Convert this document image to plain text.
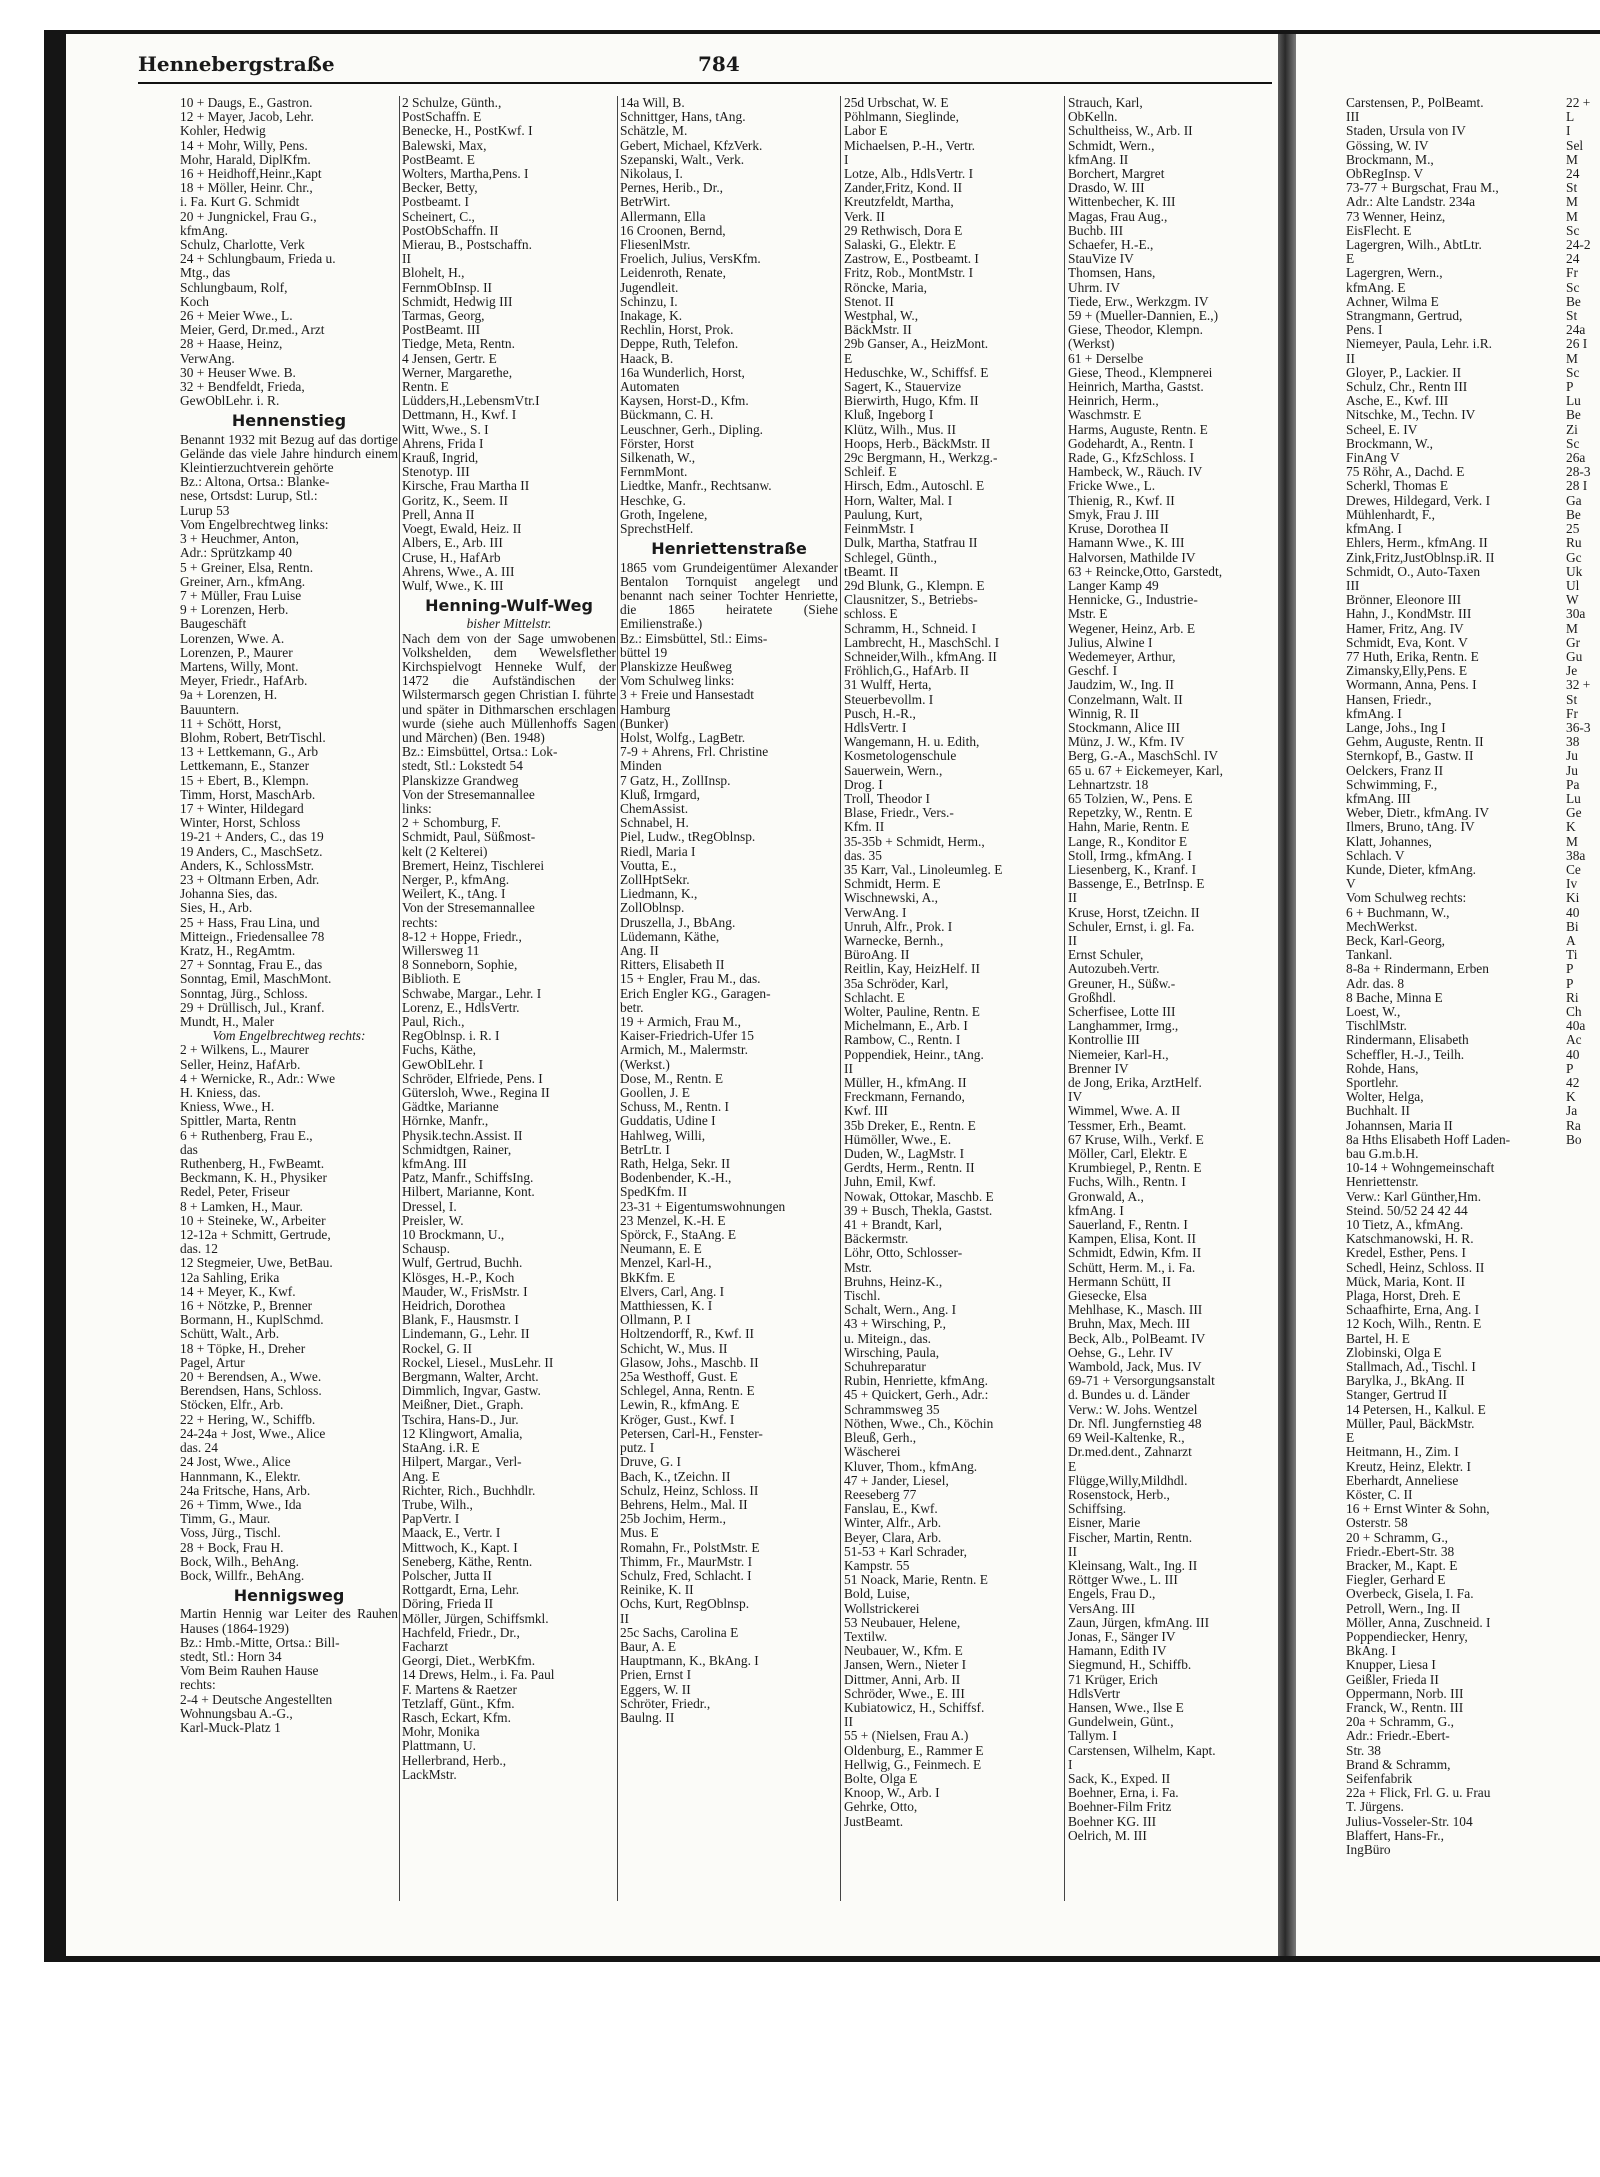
Hennebergstraße	784
10 + Daugs, E., Gastron.
12 + Mayer, Jacob, Lehr.
Kohler, Hedwig
14 + Mohr, Willy, Pens.
Mohr, Harald, DiplKfm.
16 + Heidhoff,Heinr.,Kapt
18 + Möller, Heinr. Chr.,
i. Fa. Kurt G. Schmidt
20 + Jungnickel, Frau G.,
kfmAng.
Schulz, Charlotte, Verk
24 + Schlungbaum, Frieda u.
Mtg., das
Schlungbaum, Rolf,
Koch
26 + Meier Wwe., L.
Meier, Gerd, Dr.med., Arzt
28 + Haase, Heinz,
VerwAng.
30 + Heuser Wwe. B.
32 + Bendfeldt, Frieda,
GewOblLehr. i. R.
Hennenstieg
Benannt 1932 mit Bezug auf das dortige Gelände das viele Jahre hindurch einem Kleintierzuchtverein gehörte
Bz.: Altona, Ortsa.: Blanke-
nese, Ortsdst: Lurup, Stl.:
Lurup 53
Vom Engelbrechtweg links:
3 + Heuchmer, Anton,
Adr.: Sprützkamp 40
5 + Greiner, Elsa, Rentn.
Greiner, Arn., kfmAng.
7 + Müller, Frau Luise
9 + Lorenzen, Herb.
Baugeschäft
Lorenzen, Wwe. A.
Lorenzen, P., Maurer
Martens, Willy, Mont.
Meyer, Friedr., HafArb.
9a + Lorenzen, H.
Bauuntern.
11 + Schött, Horst,
Blohm, Robert, BetrTischl.
13 + Lettkemann, G., Arb
Lettkemann, E., Stanzer
15 + Ebert, B., Klempn.
Timm, Horst, MaschArb.
17 + Winter, Hildegard
Winter, Horst, Schloss
19-21 + Anders, C., das 19
19 Anders, C., MaschSetz.
Anders, K., SchlossMstr.
23 + Oltmann Erben, Adr.
Johanna Sies, das.
Sies, H., Arb.
25 + Hass, Frau Lina, und
Mitteign., Friedensallee 78
Kratz, H., RegAmtm.
27 + Sonntag, Frau E., das
Sonntag, Emil, MaschMont.
Sonntag, Jürg., Schloss.
29 + Drüllisch, Jul., Kranf.
Mundt, H., Maler
Vom Engelbrechtweg rechts:
2 + Wilkens, L., Maurer
Seller, Heinz, HafArb.
4 + Wernicke, R., Adr.: Wwe
H. Kniess, das.
Kniess, Wwe., H.
Spittler, Marta, Rentn
6 + Ruthenberg, Frau E.,
das
Ruthenberg, H., FwBeamt.
Beckmann, K. H., Physiker
Redel, Peter, Friseur
8 + Lamken, H., Maur.
10 + Steineke, W., Arbeiter
12-12a + Schmitt, Gertrude,
das. 12
12 Stegmeier, Uwe, BetBau.
12a Sahling, Erika
14 + Meyer, K., Kwf.
16 + Nötzke, P., Brenner
Bormann, H., KuplSchmd.
Schütt, Walt., Arb.
18 + Töpke, H., Dreher
Pagel, Artur
20 + Berendsen, A., Wwe.
Berendsen, Hans, Schloss.
Stöcken, Elfr., Arb.
22 + Hering, W., Schiffb.
24-24a + Jost, Wwe., Alice
das. 24
24 Jost, Wwe., Alice
Hannmann, K., Elektr.
24a Fritsche, Hans, Arb.
26 + Timm, Wwe., Ida
Timm, G., Maur.
Voss, Jürg., Tischl.
28 + Bock, Frau H.
Bock, Wilh., BehAng.
Bock, Willfr., BehAng.
Hennigsweg
Martin Hennig war Leiter des Rauhen Hauses (1864-1929)
Bz.: Hmb.-Mitte, Ortsa.: Bill-
stedt, Stl.: Horn 34
Vom Beim Rauhen Hause
rechts:
2-4 + Deutsche Angestellten
Wohnungsbau A.-G.,
Karl-Muck-Platz 1
2 Schulze, Günth.,
PostSchaffn. E
Benecke, H., PostKwf. I
Balewski, Max,
PostBeamt. E
Wolters, Martha,Pens. I
Becker, Betty,
Postbeamt. I
Scheinert, C.,
PostObSchaffn. II
Mierau, B., Postschaffn.
II
Blohelt, H.,
FernmObInsp. II
Schmidt, Hedwig III
Tarmas, Georg,
PostBeamt. III
Tiedge, Meta, Rentn.
4 Jensen, Gertr. E
Werner, Margarethe,
Rentn. E
Lüdders,H.,LebensmVtr.I
Dettmann, H., Kwf. I
Witt, Wwe., S. I
Ahrens, Frida I
Krauß, Ingrid,
Stenotyp. III
Kirsche, Frau Martha II
Goritz, K., Seem. II
Prell, Anna II
Voegt, Ewald, Heiz. II
Albers, E., Arb. III
Cruse, H., HafArb
Ahrens, Wwe., A. III
Wulf, Wwe., K. III
Henning-Wulf-Weg
bisher Mittelstr.
Nach dem von der Sage umwobenen Volkshelden, dem Wewelsflether Kirchspielvogt Henneke Wulf, der 1472 die Aufständischen der Wilstermarsch gegen Christian I. führte und später in Dithmarschen erschlagen wurde (siehe auch Müllenhoffs Sagen und Märchen) (Ben. 1948)
Bz.: Eimsbüttel, Ortsa.: Lok-
stedt, Stl.: Lokstedt 54
Planskizze Grandweg
Von der Stresemannallee
links:
2 + Schomburg, F.
Schmidt, Paul, Süßmost-
kelt (2 Kelterei)
Bremert, Heinz, Tischlerei
Nerger, P., kfmAng.
Weilert, K., tAng. I
Von der Stresemannallee
rechts:
8-12 + Hoppe, Friedr.,
Willersweg 11
8 Sonneborn, Sophie,
Biblioth. E
Schwabe, Margar., Lehr. I
Lorenz, E., HdlsVertr.
Paul, Rich.,
RegOblnsp. i. R. I
Fuchs, Käthe,
GewOblLehr. I
Schröder, Elfriede, Pens. I
Gütersloh, Wwe., Regina II
Gädtke, Marianne
Hörnke, Manfr.,
Physik.techn.Assist. II
Schmidtgen, Rainer,
kfmAng. III
Patz, Manfr., SchiffsIng.
Hilbert, Marianne, Kont.
Dressel, I.
Preisler, W.
10 Brockmann, U.,
Schausp.
Wulf, Gertrud, Buchh.
Klösges, H.-P., Koch
Mauder, W., FrisMstr. I
Heidrich, Dorothea
Blank, F., Hausmstr. I
Lindemann, G., Lehr. II
Rockel, G. II
Rockel, Liesel., MusLehr. II
Bergmann, Walter, Archt.
Dimmlich, Ingvar, Gastw.
Meißner, Diet., Graph.
Tschira, Hans-D., Jur.
12 Klingwort, Amalia,
StaAng. i.R. E
Hilpert, Margar., Verl-
Ang. E
Richter, Rich., Buchhdlr.
Trube, Wilh.,
PapVertr. I
Maack, E., Vertr. I
Mittwoch, K., Kapt. I
Seneberg, Käthe, Rentn.
Polscher, Jutta II
Rottgardt, Erna, Lehr.
Döring, Frieda II
Möller, Jürgen, Schiffsmkl.
Hachfeld, Friedr., Dr.,
Facharzt
Georgi, Diet., WerbKfm.
14 Drews, Helm., i. Fa. Paul
F. Martens & Raetzer
Tetzlaff, Günt., Kfm.
Rasch, Eckart, Kfm.
Mohr, Monika
Plattmann, U.
Hellerbrand, Herb.,
LackMstr.
14a Will, B.
Schnittger, Hans, tAng.
Schätzle, M.
Gebert, Michael, KfzVerk.
Szepanski, Walt., Verk.
Nikolaus, I.
Pernes, Herib., Dr.,
BetrWirt.
Allermann, Ella
16 Croonen, Bernd,
FliesenlMstr.
Froelich, Julius, VersKfm.
Leidenroth, Renate,
Jugendleit.
Schinzu, I.
Inakage, K.
Rechlin, Horst, Prok.
Deppe, Ruth, Telefon.
Haack, B.
16a Wunderlich, Horst,
Automaten
Kaysen, Horst-D., Kfm.
Bückmann, C. H.
Leuschner, Gerh., Dipling.
Förster, Horst
Silkenath, W.,
FernmMont.
Liedtke, Manfr., Rechtsanw.
Heschke, G.
Groth, Ingelene,
SprechstHelf.
Henriettenstraße
1865 vom Grundeigentümer Alexander Bentalon Tornquist angelegt und benannt nach seiner Tochter Henriette, die 1865 heiratete (Siehe Emilienstraße.)
Bz.: Eimsbüttel, Stl.: Eims-
büttel 19
Planskizze Heußweg
Vom Schulweg links:
3 + Freie und Hansestadt
Hamburg
(Bunker)
Holst, Wolfg., LagBetr.
7-9 + Ahrens, Frl. Christine
Minden
7 Gatz, H., ZollInsp.
Kluß, Irmgard,
ChemAssist.
Schnabel, H.
Piel, Ludw., tRegOblnsp.
Riedl, Maria I
Voutta, E.,
ZollHptSekr.
Liedmann, K.,
ZollOblnsp.
Druszella, J., BbAng.
Lüdemann, Käthe,
Ang. II
Ritters, Elisabeth II
15 + Engler, Frau M., das.
Erich Engler KG., Garagen-
betr.
19 + Armich, Frau M.,
Kaiser-Friedrich-Ufer 15
Armich, M., Malermstr.
(Werkst.)
Dose, M., Rentn. E
Goollen, J. E
Schuss, M., Rentn. I
Guddatis, Udine I
Hahlweg, Willi,
BetrLtr. I
Rath, Helga, Sekr. II
Bodenbender, K.-H.,
SpedKfm. II
23-31 + Eigentumswohnungen
23 Menzel, K.-H. E
Spörck, F., StaAng. E
Neumann, E. E
Menzel, Karl-H.,
BkKfm. E
Elvers, Carl, Ang. I
Matthiessen, K. I
Ollmann, P. I
Holtzendorff, R., Kwf. II
Schicht, W., Mus. II
Glasow, Johs., Maschb. II
25a Westhoff, Gust. E
Schlegel, Anna, Rentn. E
Lewin, R., kfmAng. E
Kröger, Gust., Kwf. I
Petersen, Carl-H., Fenster-
putz. I
Druve, G. I
Bach, K., tZeichn. II
Schulz, Heinz, Schloss. II
Behrens, Helm., Mal. II
25b Jochim, Herm.,
Mus. E
Romahn, Fr., PolstMstr. E
Thimm, Fr., MaurMstr. I
Schulz, Fred, Schlacht. I
Reinike, K. II
Ochs, Kurt, RegOblnsp.
II
25c Sachs, Carolina E
Baur, A. E
Hauptmann, K., BkAng. I
Prien, Ernst I
Eggers, W. II
Schröter, Friedr.,
Baulng. II
25d Urbschat, W. E
Pöhlmann, Sieglinde,
Labor E
Michaelsen, P.-H., Vertr.
I
Lotze, Alb., HdlsVertr. I
Zander,Fritz, Kond. II
Kreutzfeldt, Martha,
Verk. II
29 Rethwisch, Dora E
Salaski, G., Elektr. E
Zastrow, E., Postbeamt. I
Fritz, Rob., MontMstr. I
Röncke, Maria,
Stenot. II
Westphal, W.,
BäckMstr. II
29b Ganser, A., HeizMont.
E
Heduschke, W., Schiffsf. E
Sagert, K., Stauervize
Bierwirth, Hugo, Kfm. II
Kluß, Ingeborg I
Klütz, Wilh., Mus. II
Hoops, Herb., BäckMstr. II
29c Bergmann, H., Werkzg.-
Schleif. E
Hirsch, Edm., Autoschl. E
Horn, Walter, Mal. I
Paulung, Kurt,
FeinmMstr. I
Dulk, Martha, Statfrau II
Schlegel, Günth.,
tBeamt. II
29d Blunk, G., Klempn. E
Clausnitzer, S., Betriebs-
schloss. E
Schramm, H., Schneid. I
Lambrecht, H., MaschSchl. I
Schneider,Wilh., kfmAng. II
Fröhlich,G., HafArb. II
31 Wulff, Herta,
Steuerbevollm. I
Pusch, H.-R.,
HdlsVertr. I
Wangemann, H. u. Edith,
Kosmetologenschule
Sauerwein, Wern.,
Drog. I
Troll, Theodor I
Blase, Friedr., Vers.-
Kfm. II
35-35b + Schmidt, Herm.,
das. 35
35 Karr, Val., Linoleumleg. E
Schmidt, Herm. E
Wischnewski, A.,
VerwAng. I
Unruh, Alfr., Prok. I
Warnecke, Bernh.,
BüroAng. II
Reitlin, Kay, HeizHelf. II
35a Schröder, Karl,
Schlacht. E
Wolter, Pauline, Rentn. E
Michelmann, E., Arb. I
Rambow, C., Rentn. I
Poppendiek, Heinr., tAng.
II
Müller, H., kfmAng. II
Freckmann, Fernando,
Kwf. III
35b Dreker, E., Rentn. E
Hümöller, Wwe., E.
Duden, W., LagMstr. I
Gerdts, Herm., Rentn. II
Juhn, Emil, Kwf.
Nowak, Ottokar, Maschb. E
39 + Busch, Thekla, Gastst.
41 + Brandt, Karl,
Bäckermstr.
Löhr, Otto, Schlosser-
Mstr.
Bruhns, Heinz-K.,
Tischl.
Schalt, Wern., Ang. I
43 + Wirsching, P.,
u. Miteign., das.
Wirsching, Paula,
Schuhreparatur
Rubin, Henriette, kfmAng.
45 + Quickert, Gerh., Adr.:
Schrammsweg 35
Nöthen, Wwe., Ch., Köchin
Bleuß, Gerh.,
Wäscherei
Kluver, Thom., kfmAng.
47 + Jander, Liesel,
Reeseberg 77
Fanslau, E., Kwf.
Winter, Alfr., Arb.
Beyer, Clara, Arb.
51-53 + Karl Schrader,
Kampstr. 55
51 Noack, Marie, Rentn. E
Bold, Luise,
Wollstrickerei
53 Neubauer, Helene,
Textilw.
Neubauer, W., Kfm. E
Jansen, Wern., Nieter I
Dittmer, Anni, Arb. II
Schröder, Wwe., E. III
Kubiatowicz, H., Schiffsf.
II
55 + (Nielsen, Frau A.)
Oldenburg, E., Rammer E
Hellwig, G., Feinmech. E
Bolte, Olga E
Knoop, W., Arb. I
Gehrke, Otto,
JustBeamt.
Strauch, Karl,
ObKelln.
Schultheiss, W., Arb. II
Schmidt, Wern.,
kfmAng. II
Borchert, Margret
Drasdo, W. III
Wittenbecher, K. III
Magas, Frau Aug.,
Buchb. III
Schaefer, H.-E.,
StauVize IV
Thomsen, Hans,
Uhrm. IV
Tiede, Erw., Werkzgm. IV
59 + (Mueller-Dannien, E.,)
Giese, Theodor, Klempn.
(Werkst)
61 + Derselbe
Giese, Theod., Klempnerei
Heinrich, Martha, Gastst.
Heinrich, Herm.,
Waschmstr. E
Harms, Auguste, Rentn. E
Godehardt, A., Rentn. I
Rade, G., KfzSchloss. I
Hambeck, W., Räuch. IV
Fricke Wwe., L.
Thienig, R., Kwf. II
Smyk, Frau J. III
Kruse, Dorothea II
Hamann Wwe., K. III
Halvorsen, Mathilde IV
63 + Reincke,Otto, Garstedt,
Langer Kamp 49
Hennicke, G., Industrie-
Mstr. E
Wegener, Heinz, Arb. E
Julius, Alwine I
Wedemeyer, Arthur,
Geschf. I
Jaudzim, W., Ing. II
Conzelmann, Walt. II
Winnig, R. II
Stockmann, Alice III
Münz, J. W., Kfm. IV
Berg, G.-A., MaschSchl. IV
65 u. 67 + Eickemeyer, Karl,
Lehnartzstr. 18
65 Tolzien, W., Pens. E
Repetzky, W., Rentn. E
Hahn, Marie, Rentn. E
Lange, R., Konditor E
Stoll, Irmg., kfmAng. I
Liesenberg, K., Kranf. I
Bassenge, E., BetrInsp. E
II
Kruse, Horst, tZeichn. II
Schuler, Ernst, i. gl. Fa.
II
Ernst Schuler,
Autozubeh.Vertr.
Greuner, H., Süßw.-
Großhdl.
Scherfisee, Lotte III
Langhammer, Irmg.,
Kontrollie III
Niemeier, Karl-H.,
Brenner IV
de Jong, Erika, ArztHelf.
IV
Wimmel, Wwe. A. II
Tessmer, Erh., Beamt.
67 Kruse, Wilh., Verkf. E
Möller, Carl, Elektr. E
Krumbiegel, P., Rentn. E
Fuchs, Wilh., Rentn. I
Gronwald, A.,
kfmAng. I
Sauerland, F., Rentn. I
Kampen, Elisa, Kont. II
Schmidt, Edwin, Kfm. II
Schütt, Herm. M., i. Fa.
Hermann Schütt, II
Giesecke, Elsa
Mehlhase, K., Masch. III
Bruhn, Max, Mech. III
Beck, Alb., PolBeamt. IV
Oehse, G., Lehr. IV
Wambold, Jack, Mus. IV
69-71 + Versorgungsanstalt
d. Bundes u. d. Länder
Verw.: W. Johs. Wentzel
Dr. Nfl. Jungfernstieg 48
69 Weil-Kaltenke, R.,
Dr.med.dent., Zahnarzt
E
Flügge,Willy,Mildhdl.
Rosenstock, Herb.,
Schiffsing.
Eisner, Marie
Fischer, Martin, Rentn.
II
Kleinsang, Walt., Ing. II
Röttger Wwe., L. III
Engels, Frau D.,
VersAng. III
Zaun, Jürgen, kfmAng. III
Jonas, F., Sänger IV
Hamann, Edith IV
Siegmund, H., Schiffb.
71 Krüger, Erich
HdlsVertr
Hansen, Wwe., Ilse E
Gundelwein, Günt.,
Tallym. I
Carstensen, Wilhelm, Kapt.
I
Sack, K., Exped. II
Boehner, Erna, i. Fa.
Boehner-Film Fritz
Boehner KG. III
Oelrich, M. III
Carstensen, P., PolBeamt.
III
Staden, Ursula von IV
Gössing, W. IV
Brockmann, M.,
ObRegInsp. V
73-77 + Burgschat, Frau M.,
Adr.: Alte Landstr. 234a
73 Wenner, Heinz,
EisFlecht. E
Lagergren, Wilh., AbtLtr.
E
Lagergren, Wern.,
kfmAng. E
Achner, Wilma E
Strangmann, Gertrud,
Pens. I
Niemeyer, Paula, Lehr. i.R.
II
Gloyer, P., Lackier. II
Schulz, Chr., Rentn III
Asche, E., Kwf. III
Nitschke, M., Techn. IV
Scheel, E. IV
Brockmann, W.,
FinAng V
75 Röhr, A., Dachd. E
Scherkl, Thomas E
Drewes, Hildegard, Verk. I
Mühlenhardt, F.,
kfmAng. I
Ehlers, Herm., kfmAng. II
Zink,Fritz,JustOblnsp.iR. II
Schmidt, O., Auto-Taxen
III
Brönner, Eleonore III
Hahn, J., KondMstr. III
Hamer, Fritz, Ang. IV
Schmidt, Eva, Kont. V
77 Huth, Erika, Rentn. E
Zimansky,Elly,Pens. E
Wormann, Anna, Pens. I
Hansen, Friedr.,
kfmAng. I
Lange, Johs., Ing I
Gehm, Auguste, Rentn. II
Sternkopf, B., Gastw. II
Oelckers, Franz II
Schwimming, F.,
kfmAng. III
Weber, Dietr., kfmAng. IV
Ilmers, Bruno, tAng. IV
Klatt, Johannes,
Schlach. V
Kunde, Dieter, kfmAng.
V
Vom Schulweg rechts:
6 + Buchmann, W.,
MechWerkst.
Beck, Karl-Georg,
Tankanl.
8-8a + Rindermann, Erben
Adr. das. 8
8 Bache, Minna E
Loest, W.,
TischlMstr.
Rindermann, Elisabeth
Scheffler, H.-J., Teilh.
Rohde, Hans,
Sportlehr.
Wolter, Helga,
Buchhalt. II
Johannsen, Maria II
8a Hths Elisabeth Hoff Laden-
bau G.m.b.H.
10-14 + Wohngemeinschaft
Henriettenstr.
Verw.: Karl Günther,Hm.
Steind. 50/52 24 42 44
10 Tietz, A., kfmAng.
Katschmanowski, H. R.
Kredel, Esther, Pens. I
Schedl, Heinz, Schloss. II
Mück, Maria, Kont. II
Plaga, Horst, Dreh. E
Schaafhirte, Erna, Ang. I
12 Koch, Wilh., Rentn. E
Bartel, H. E
Zlobinski, Olga E
Stallmach, Ad., Tischl. I
Barylka, J., BkAng. II
Stanger, Gertrud II
14 Petersen, H., Kalkul. E
Müller, Paul, BäckMstr.
E
Heitmann, H., Zim. I
Kreutz, Heinz, Elektr. I
Eberhardt, Anneliese
Köster, C. II
16 + Ernst Winter & Sohn,
Osterstr. 58
20 + Schramm, G.,
Friedr.-Ebert-Str. 38
Bracker, M., Kapt. E
Fiegler, Gerhard E
Overbeck, Gisela, I. Fa.
Petroll, Wern., Ing. II
Möller, Anna, Zuschneid. I
Poppendiecker, Henry,
BkAng. I
Knupper, Liesa I
Geißler, Frieda II
Oppermann, Norb. III
Franck, W., Rentn. III
20a + Schramm, G.,
Adr.: Friedr.-Ebert-
Str. 38
Brand & Schramm,
Seifenfabrik
22a + Flick, Frl. G. u. Frau
T. Jürgens.
Julius-Vosseler-Str. 104
Blaffert, Hans-Fr.,
IngBüro
22 +
L
I
Sel
M
24
St
M
M
Sc
24-2
24
Fr
Sc
Be
St
24a
26 I
M
Sc
P
Lu
Be
Zi
Sc
26a
28-3
28 I
Ga
Be
25
Ru
Gc
Uk
Ul
W
30a
M
Gr
Gu
Je
32 +
St
Fr
36-3
38
Ju
Ju
Pa
Lu
Ge
K
M
38a
Ce
Iv
Ki
40
Bi
A
Ti
P
P
Ri
Ch
40a
Ac
40
P
42
K
Ja
Ra
Bo
